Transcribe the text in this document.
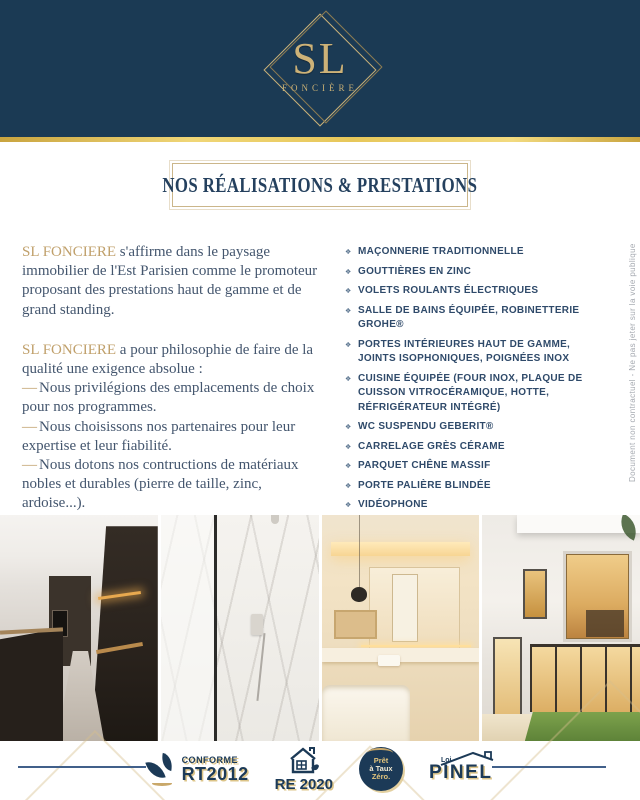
SL
FONCIÈRE
NOS RÉALISATIONS & PRESTATIONS

SL FONCIERE s'affirme dans le paysage immobilier de l'Est Parisien comme le promoteur proposant des prestations haut de gamme et de grand standing.

SL FONCIERE a pour philosophie de faire de la qualité une exigence absolue :

— Nous privilégions des emplacements de choix pour nos programmes.

— Nous choisissons nos partenaires pour leur expertise et leur fiabilité.

— Nous dotons nos contructions de matériaux nobles et durables (pierre de taille, zinc, ardoise...).

❖ MAÇONNERIE TRADITIONNELLE
❖ GOUTTIÈRES EN ZINC
❖ VOLETS ROULANTS ÉLECTRIQUES
❖ SALLE DE BAINS ÉQUIPÉE, ROBINETTERIE GROHE®
❖ PORTES INTÉRIEURES HAUT DE GAMME, JOINTS ISOPHONIQUES, POIGNÉES INOX
❖ CUISINE ÉQUIPÉE (FOUR INOX, PLAQUE DE CUISSON VITROCÉRAMIQUE, HOTTE, RÉFRIGÉRATEUR INTÉGRÉ)
❖ WC SUSPENDU GEBERIT®
❖ CARRELAGE GRÈS CÉRAME
❖ PARQUET CHÊNE MASSIF
❖ PORTE PALIÈRE BLINDÉE
❖ VIDÉOPHONE
Document non contractuel - Ne pas jeter sur la voie publique
CONFORME
RT2012
RE 2020
Prêt
à Taux
Zéro.
Loi
PINEL
